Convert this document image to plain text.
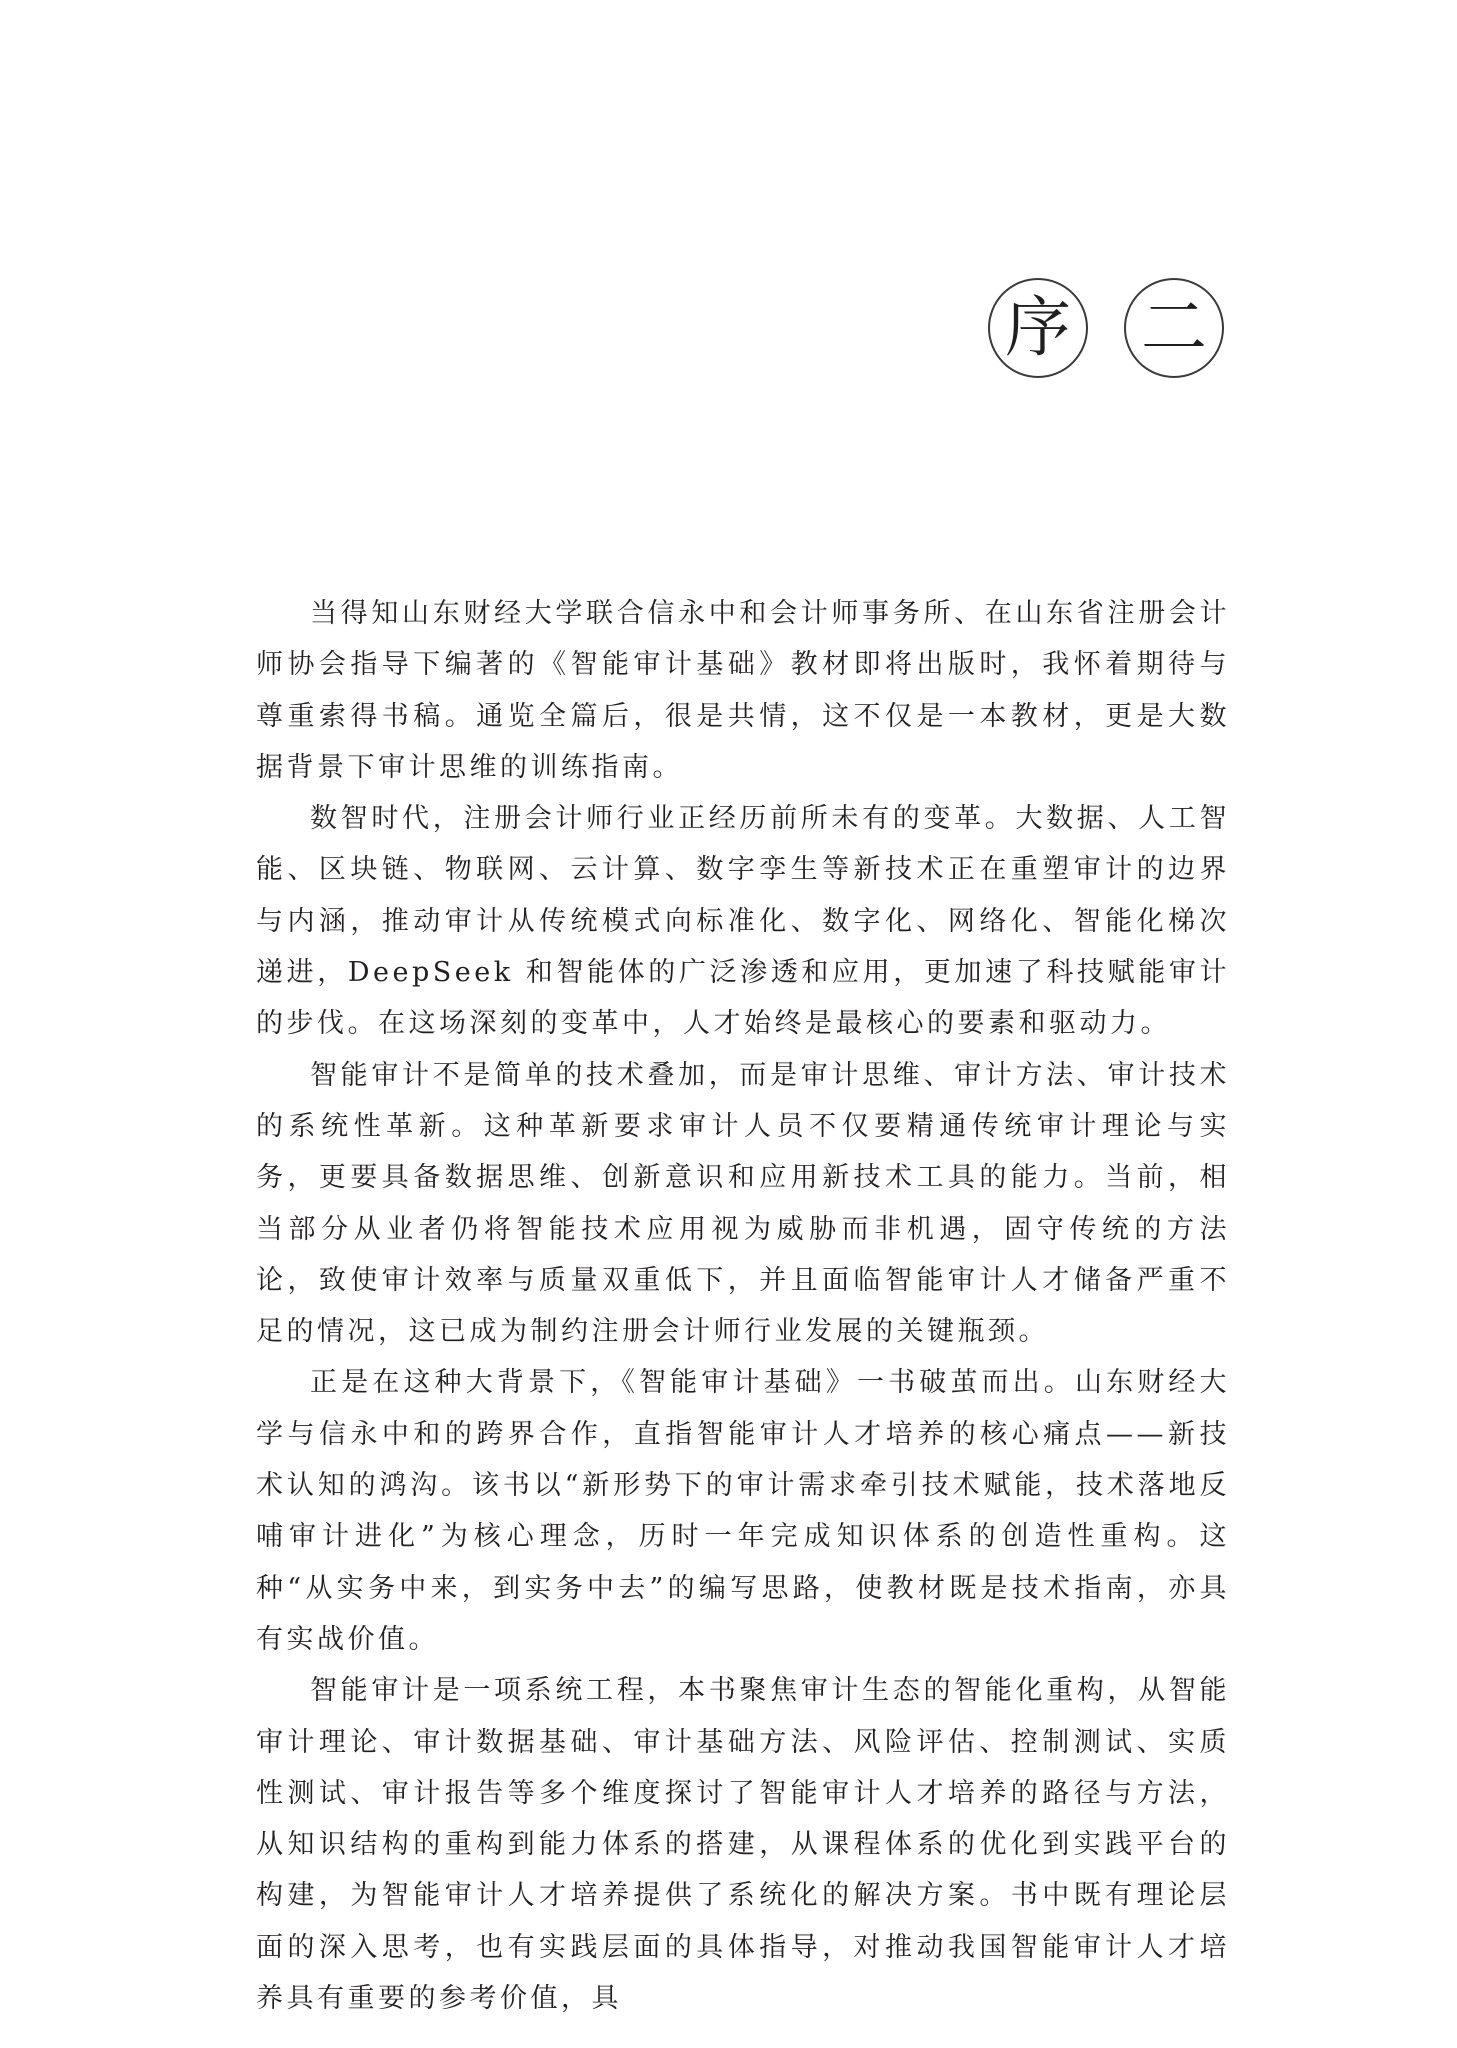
序 二

当得知山东财经大学联合信永中和会计师事务所、在山东省注册会计师协会指导下编著的《智能审计基础》教材即将出版时，我怀着期待与尊重索得书稿。通览全篇后，很是共情，这不仅是一本教材，更是大数据背景下审计思维的训练指南。

数智时代，注册会计师行业正经历前所未有的变革。大数据、人工智能、区块链、物联网、云计算、数字孪生等新技术正在重塑审计的边界与内涵，推动审计从传统模式向标准化、数字化、网络化、智能化梯次递进，DeepSeek 和智能体的广泛渗透和应用，更加速了科技赋能审计的步伐。在这场深刻的变革中，人才始终是最核心的要素和驱动力。

智能审计不是简单的技术叠加，而是审计思维、审计方法、审计技术的系统性革新。这种革新要求审计人员不仅要精通传统审计理论与实务，更要具备数据思维、创新意识和应用新技术工具的能力。当前，相当部分从业者仍将智能技术应用视为威胁而非机遇，固守传统的方法论，致使审计效率与质量双重低下，并且面临智能审计人才储备严重不足的情况，这已成为制约注册会计师行业发展的关键瓶颈。

正是在这种大背景下，《智能审计基础》一书破茧而出。山东财经大学与信永中和的跨界合作，直指智能审计人才培养的核心痛点——新技术认知的鸿沟。该书以“新形势下的审计需求牵引技术赋能，技术落地反哺审计进化”为核心理念，历时一年完成知识体系的创造性重构。这种“从实务中来，到实务中去”的编写思路，使教材既是技术指南，亦具有实战价值。

智能审计是一项系统工程，本书聚焦审计生态的智能化重构，从智能审计理论、审计数据基础、审计基础方法、风险评估、控制测试、实质性测试、审计报告等多个维度探讨了智能审计人才培养的路径与方法，从知识结构的重构到能力体系的搭建，从课程体系的优化到实践平台的构建，为智能审计人才培养提供了系统化的解决方案。书中既有理论层面的深入思考，也有实践层面的具体指导，对推动我国智能审计人才培养具有重要的参考价值，具
